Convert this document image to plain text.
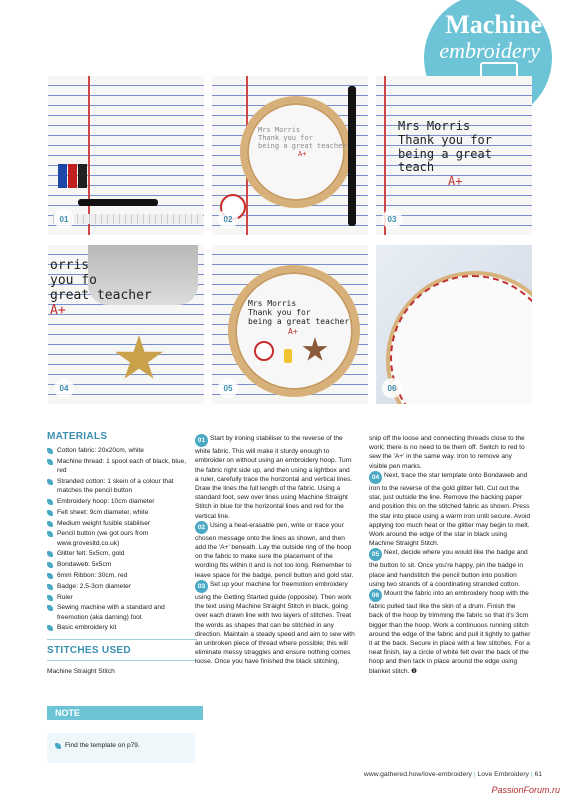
Machine
embroidery
01
Mrs Morris
Thank you for
being a great teacher
A+
02
Mrs Morris
Thank you for
being a great teach
A+
03
orris
you fo
great teacher
A+
04
Mrs Morris
Thank you for
being a great teacher
A+
05	06
MATERIALS
Cotton fabric: 20x20cm, white
Machine thread: 1 spool each of black, blue, red
Stranded cotton: 1 skein of a colour that matches the pencil button
Embroidery hoop: 10cm diameter
Felt sheet: 9cm diameter, white
Medium weight fusible stabiliser
Pencil button (we got ours from www.grovesltd.co.uk)
Glitter felt: 5x5cm, gold
Bondaweb: 5x5cm
6mm Ribbon: 30cm, red
Badge: 2.5-3cm diameter
Ruler
Sewing machine with a standard and freemotion (aka darning) foot
Basic embroidery kit
STITCHES USED
Machine Straight Stitch
NOTE
Find the template on p79.

01 Start by ironing stabiliser to the reverse of the white fabric. This will make it sturdy enough to embroider on without using an embroidery hoop. Turn the fabric right side up, and then using a lightbox and a ruler, carefully trace the horizontal and vertical lines. Draw the lines the full length of the fabric. Using a standard foot, sew over lines using Machine Straight Stitch in blue for the horizontal lines and red for the vertical line.

02 Using a heat-erasable pen, write or trace your chosen message onto the lines as shown, and then add the 'A+' beneath. Lay the outside ring of the hoop on the fabric to make sure the placement of the wording fits within it and is not too long. Remember to leave space for the badge, pencil button and gold star.

03 Set up your machine for freemotion embroidery using the Getting Started guide (opposite). Then work the text using Machine Straight Stitch in black, going over each drawn line with two layers of stitches. Treat the words as shapes that can be stitched in any direction. Maintain a steady speed and aim to sew with an unbroken piece of thread where possible; this will eliminate messy straggles and ensure nothing comes loose. Once you have finished the black stitching,

snip off the loose and connecting threads close to the work; there is no need to tie them off. Switch to red to sew the 'A+' in the same way. Iron to remove any visible pen marks.

04 Next, trace the star template onto Bondaweb and iron to the reverse of the gold glitter felt. Cut out the star, just outside the line. Remove the backing paper and position this on the stitched fabric as shown. Press the star into place using a warm iron until secure. Avoid applying too much heat or the glitter may begin to melt. Work around the edge of the star in black using Machine Straight Stitch.

05 Next, decide where you would like the badge and the button to sit. Once you're happy, pin the badge in place and handstitch the pencil button into position using two strands of a coordinating stranded cotton.

06 Mount the fabric into an embroidery hoop with the fabric pulled taut like the skin of a drum. Finish the back of the hoop by trimming the fabric so that it's 3cm bigger than the hoop. Work a continuous running stitch around the edge of the fabric and pull it tightly to gather it at the back. Secure in place with a few stitches. For a neat finish, lay a circle of white felt over the back of the hoop and then tack in place around the edge using blanket stitch. ❷

www.gathered.how/love-embroidery | Love Embroidery | 61
PassionForum.ru
